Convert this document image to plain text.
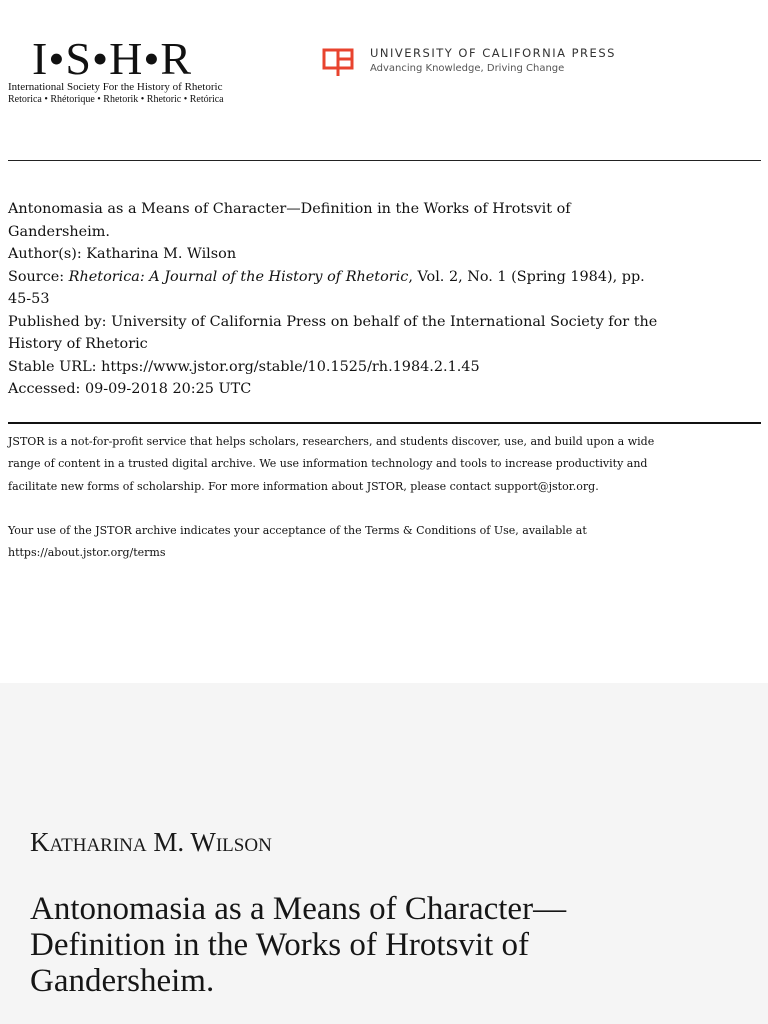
I•S•H•R
International Society For the History of Rhetoric
Retorica • Rhétorique • Rhetorik • Rhetoric • Retórica
UNIVERSITY OF CALIFORNIA PRESS
Advancing Knowledge, Driving Change

Antonomasia as a Means of Character—Definition in the Works of Hrotsvit of

Gandersheim.

Author(s): Katharina M. Wilson

Source: Rhetorica: A Journal of the History of Rhetoric, Vol. 2, No. 1 (Spring 1984), pp.

45-53

Published by: University of California Press on behalf of the International Society for the

History of Rhetoric

Stable URL: https://www.jstor.org/stable/10.1525/rh.1984.2.1.45

Accessed: 09-09-2018 20:25 UTC

JSTOR is a not-for-profit service that helps scholars, researchers, and students discover, use, and build upon a wide

range of content in a trusted digital archive. We use information technology and tools to increase productivity and

facilitate new forms of scholarship. For more information about JSTOR, please contact support@jstor.org.

Your use of the JSTOR archive indicates your acceptance of the Terms & Conditions of Use, available at

https://about.jstor.org/terms

Katharina M. Wilson
Antonomasia as a Means of Character—
Definition in the Works of Hrotsvit of
Gandersheim.
